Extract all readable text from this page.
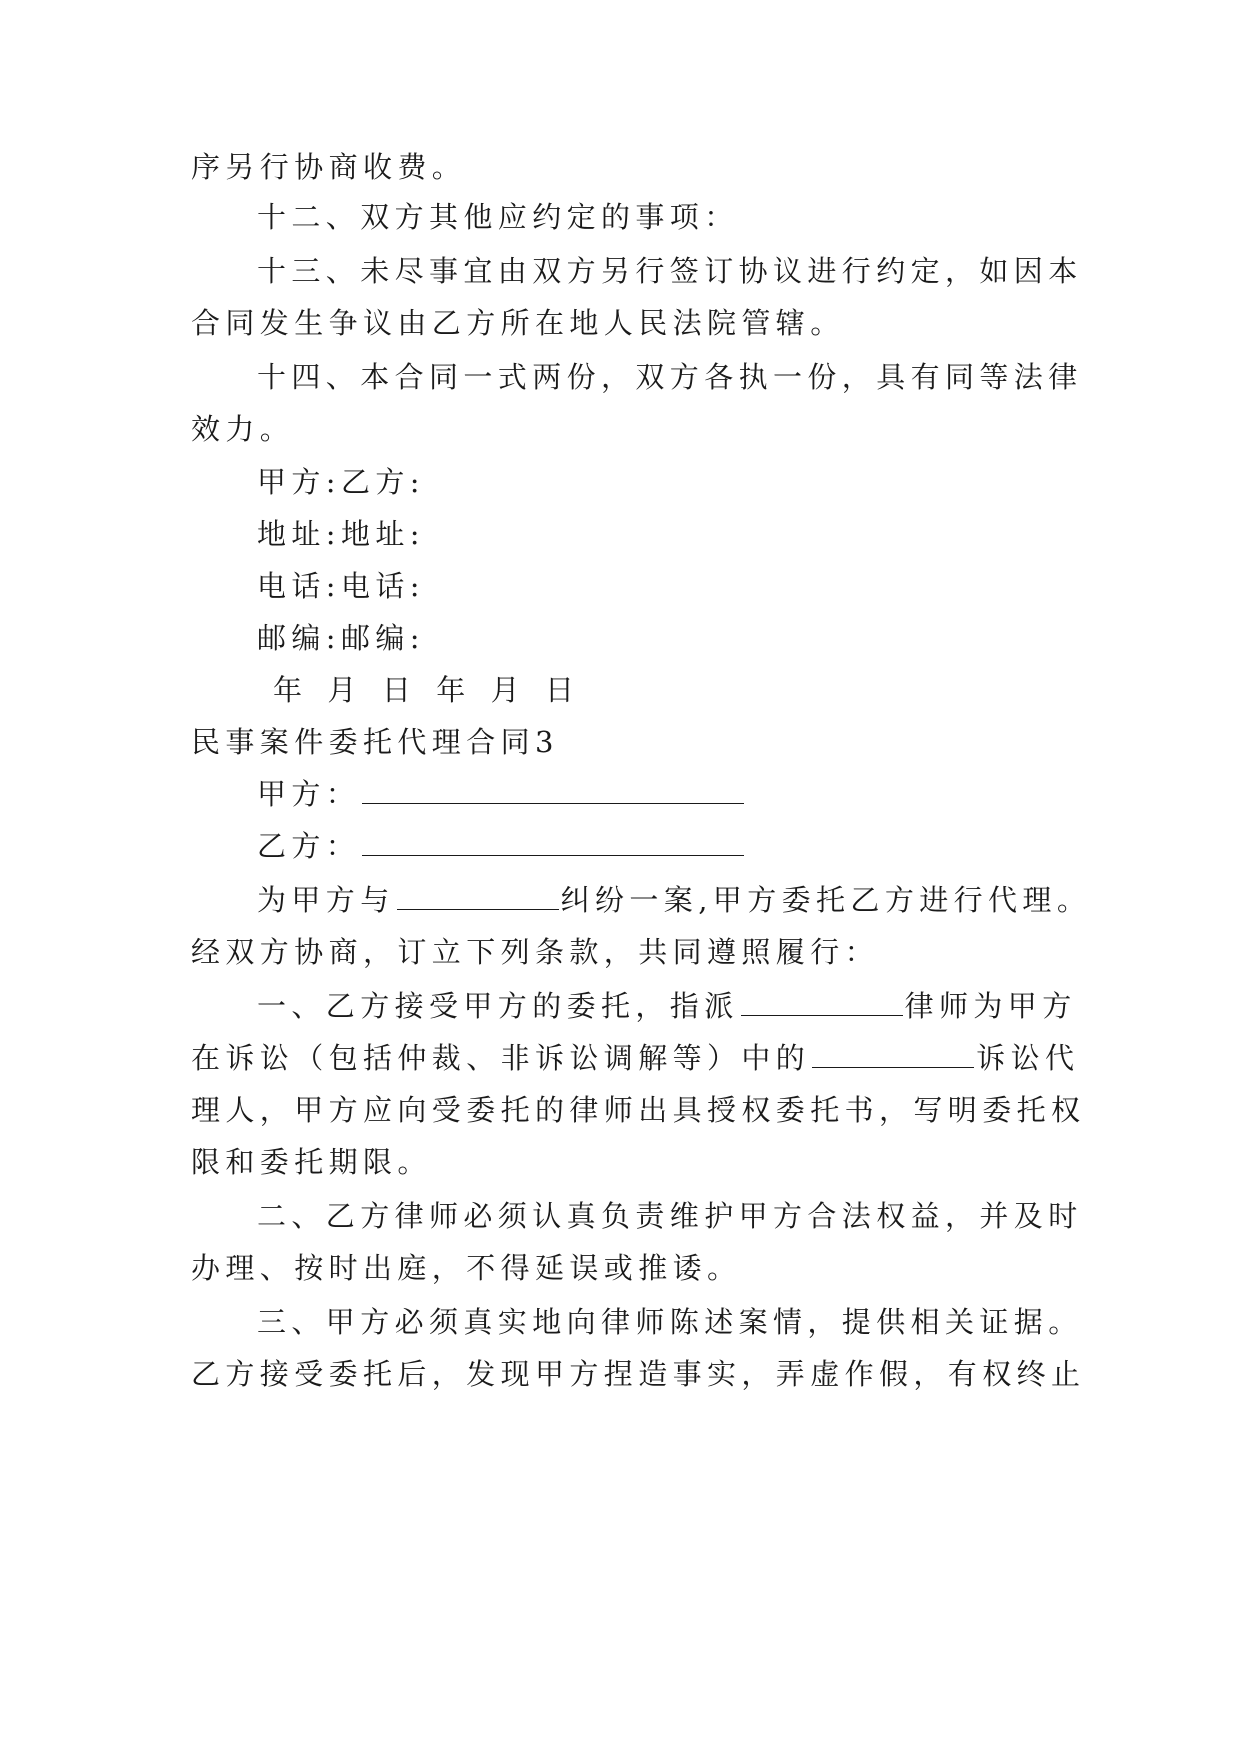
序另行协商收费。
十二、双方其他应约定的事项：
十三、未尽事宜由双方另行签订协议进行约定，如因本
合同发生争议由乙方所在地人民法院管辖。
十四、本合同一式两份，双方各执一份，具有同等法律
效力。
甲方:乙方:
地址:地址:
电话:电话:
邮编:邮编:
年 月 日 年 月 日
民事案件委托代理合同3
甲方：
乙方：
为甲方与	纠纷一案,甲方委托乙方进行代理。
经双方协商，订立下列条款，共同遵照履行：
一、乙方接受甲方的委托，指派	律师为甲方
在诉讼（包括仲裁、非诉讼调解等）中的	诉讼代
理人，甲方应向受委托的律师出具授权委托书，写明委托权
限和委托期限。
二、乙方律师必须认真负责维护甲方合法权益，并及时
办理、按时出庭，不得延误或推诿。
三、甲方必须真实地向律师陈述案情，提供相关证据。
乙方接受委托后，发现甲方捏造事实，弄虚作假，有权终止
